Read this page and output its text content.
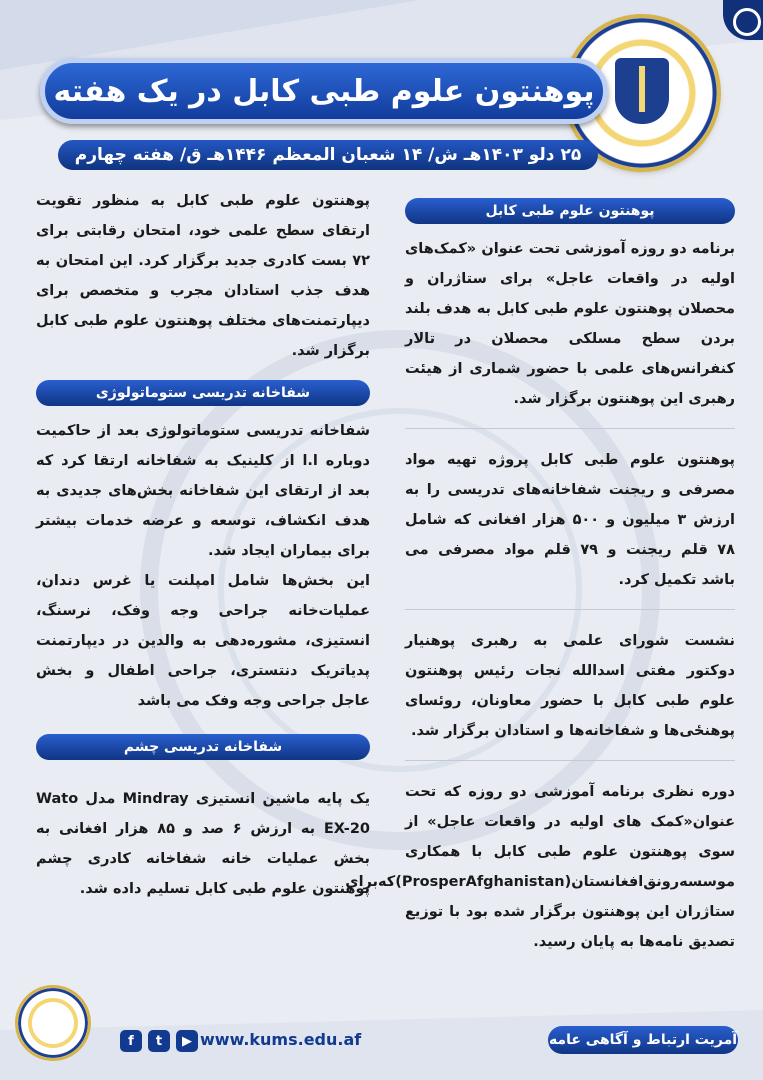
پوهنتون علوم طبی کابل در یک هفته
۲۵ دلو ۱۴۰۳هـ ش/ ۱۴ شعبان المعظم ۱۴۴۶هـ ق/ هفته چهارم
پوهنتون علوم طبی کابل

برنامه دو روزه آموزشی تحت عنوان «کمک‌های اولیه در واقعات عاجل» برای ستاژران و محصلان پوهنتون علوم طبی کابل به هدف بلند بردن سطح مسلکی محصلان در تالار کنفرانس‌های علمی با حضور شماری از هیئت رهبری این پوهنتون برگزار شد.

پوهنتون علوم طبی کابل پروژه تهیه مواد مصرفی و ریجنت شفاخانه‌های تدریسی را به ارزش ۳ میلیون و ۵۰۰ هزار افغانی که شامل ۷۸ قلم ریجنت و ۷۹ قلم مواد مصرفی می باشد تکمیل کرد.

نشست شورای علمی به رهبری پوهنیار دوکتور مفتی اسدالله نجات رئیس پوهنتون علوم طبی کابل با حضور معاونان، روئسای پوهنځی‌ها و شفاخانه‌ها و استادان برگزار شد.

دوره نظری برنامه آموزشی دو روزه که تحت عنوان«کمک های اولیه در واقعات عاجل» از سوی پوهنتون علوم طبی کابل با همکاری موسسه‌رونق‌افغانستان(ProsperAfghanistan)که‌برای ستاژران این پوهنتون برگزار شده بود با توزیع تصدیق نامه‌ها به پایان رسید.

پوهنتون علوم طبی کابل به منظور تقویت ارتقای سطح علمی خود، امتحان رقابتی برای ۷۲ بست کادری جدید برگزار کرد. این امتحان به هدف جذب استادان مجرب و متخصص برای دیپارتمنت‌های مختلف پوهنتون علوم طبی کابل برگزار شد.

شفاخانه تدریسی ستوماتولوژی

شفاخانه تدریسی ستوماتولوژی بعد از حاکمیت دوباره ا.ا از کلینیک به شفاخانه ارتقا کرد که بعد از ارتقای این شفاخانه بخش‌های جدیدی به هدف انکشاف، توسعه و عرضه خدمات بیشتر برای بیماران ایجاد شد.

این بخش‌ها شامل امپلنت یا غرس دندان، عملیات‌خانه جراحی وجه وفک، نرسنگ، انستیزی، مشوره‌دهی به والدین در دیپارتمنت پدیاتریک دنتستری، جراحی اطفال و بخش عاجل جراحی وجه وفک می باشد

شفاخانه تدریسی چشم

یک پایه ماشین انستیزی Mindray مدل Wato EX-20 به ارزش ۶ صد و ۸۵ هزار افغانی به بخش عملیات خانه شفاخانه کادری چشم پوهنتون علوم طبی کابل تسلیم داده شد.

f	t	▶ www.kums.edu.af	آمریت ارتباط و آگاهی عامه
